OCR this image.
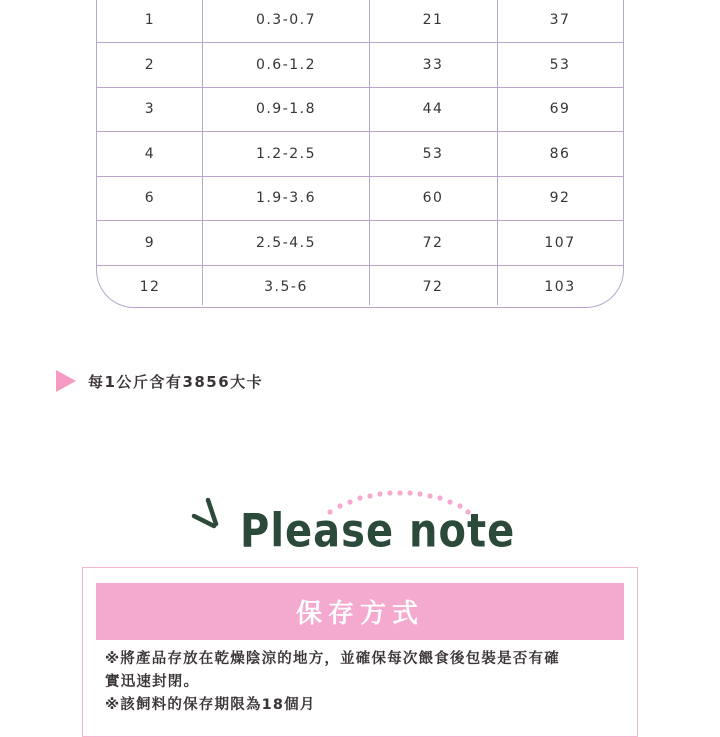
1	0.3-0.7	21	37
2	0.6-1.2	33	53
3	0.9-1.8	44	69
4	1.2-2.5	53	86
6	1.9-3.6	60	92
9	2.5-4.5	72	107
12	3.5-6	72	103
每1公斤含有3856大卡
Please note
保存方式
※將產品存放在乾燥陰涼的地方，並確保每次餵食後包裝是否有確
實迅速封閉。
※該飼料的保存期限為18個月
